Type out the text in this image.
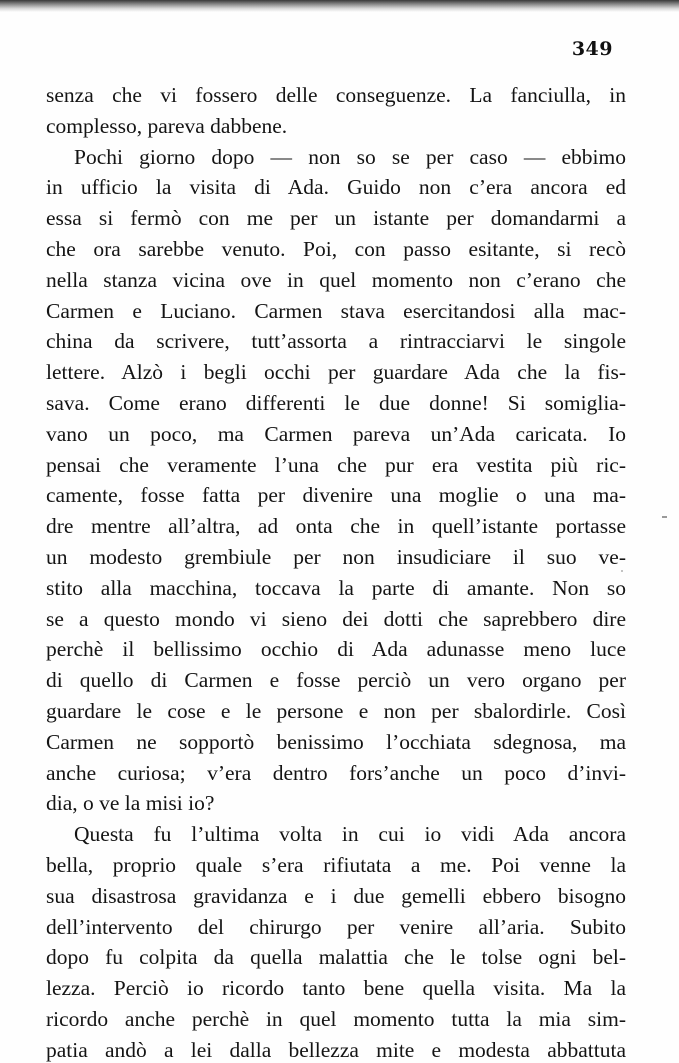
349
senza che vi fossero delle conseguenze. La fanciulla, in
complesso, pareva dabbene.
Pochi giorno dopo — non so se per caso — ebbimo
in ufficio la visita di Ada. Guido non c’era ancora ed
essa si fermò con me per un istante per domandarmi a
che ora sarebbe venuto. Poi, con passo esitante, si recò
nella stanza vicina ove in quel momento non c’erano che
Carmen e Luciano. Carmen stava esercitandosi alla mac-
china da scrivere, tutt’assorta a rintracciarvi le singole
lettere. Alzò i begli occhi per guardare Ada che la fis-
sava. Come erano differenti le due donne! Si somiglia-
vano un poco, ma Carmen pareva un’Ada caricata. Io
pensai che veramente l’una che pur era vestita più ric-
camente, fosse fatta per divenire una moglie o una ma-
dre mentre all’altra, ad onta che in quell’istante portasse
un modesto grembiule per non insudiciare il suo ve-
stito alla macchina, toccava la parte di amante. Non so
se a questo mondo vi sieno dei dotti che saprebbero dire
perchè il bellissimo occhio di Ada adunasse meno luce
di quello di Carmen e fosse perciò un vero organo per
guardare le cose e le persone e non per sbalordirle. Così
Carmen ne sopportò benissimo l’occhiata sdegnosa, ma
anche curiosa; v’era dentro fors’anche un poco d’invi-
dia, o ve la misi io?
Questa fu l’ultima volta in cui io vidi Ada ancora
bella, proprio quale s’era rifiutata a me. Poi venne la
sua disastrosa gravidanza e i due gemelli ebbero bisogno
dell’intervento del chirurgo per venire all’aria. Subito
dopo fu colpita da quella malattia che le tolse ogni bel-
lezza. Perciò io ricordo tanto bene quella visita. Ma la
ricordo anche perchè in quel momento tutta la mia sim-
patia andò a lei dalla bellezza mite e modesta abbattuta
